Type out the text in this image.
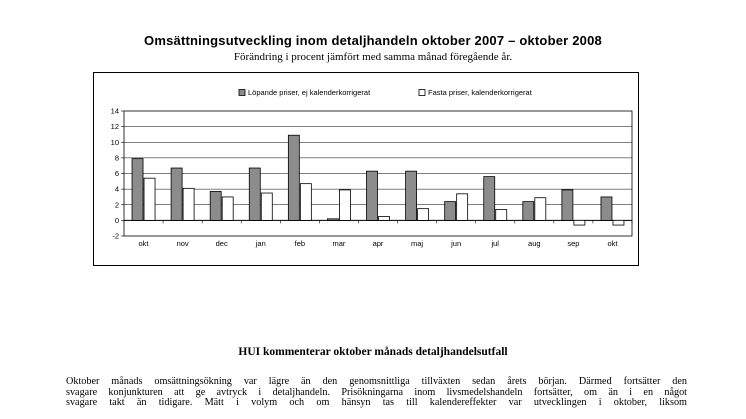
Omsättningsutveckling inom detaljhandeln oktober 2007 – oktober 2008
Förändring i procent jämfört med samma månad föregående år.
-2
0
2
4
6
8
10
12
14
okt	nov	dec	jan	feb	mar	apr	maj	jun	jul	aug	sep	okt
Löpande priser, ej kalenderkorrigerat	Fasta priser, kalenderkorrigerat
HUI kommenterar oktober månads detaljhandelsutfall

Oktober månads omsättningsökning var lägre än den genomsnittliga tillväxten sedan årets början. Därmed fortsätter den

svagare konjunkturen att ge avtryck i detaljhandeln. Prisökningarna inom livsmedelshandeln fortsätter, om än i en något

svagare takt än tidigare. Mätt i volym och om hänsyn tas till kalendereffekter var utvecklingen i oktober, liksom
